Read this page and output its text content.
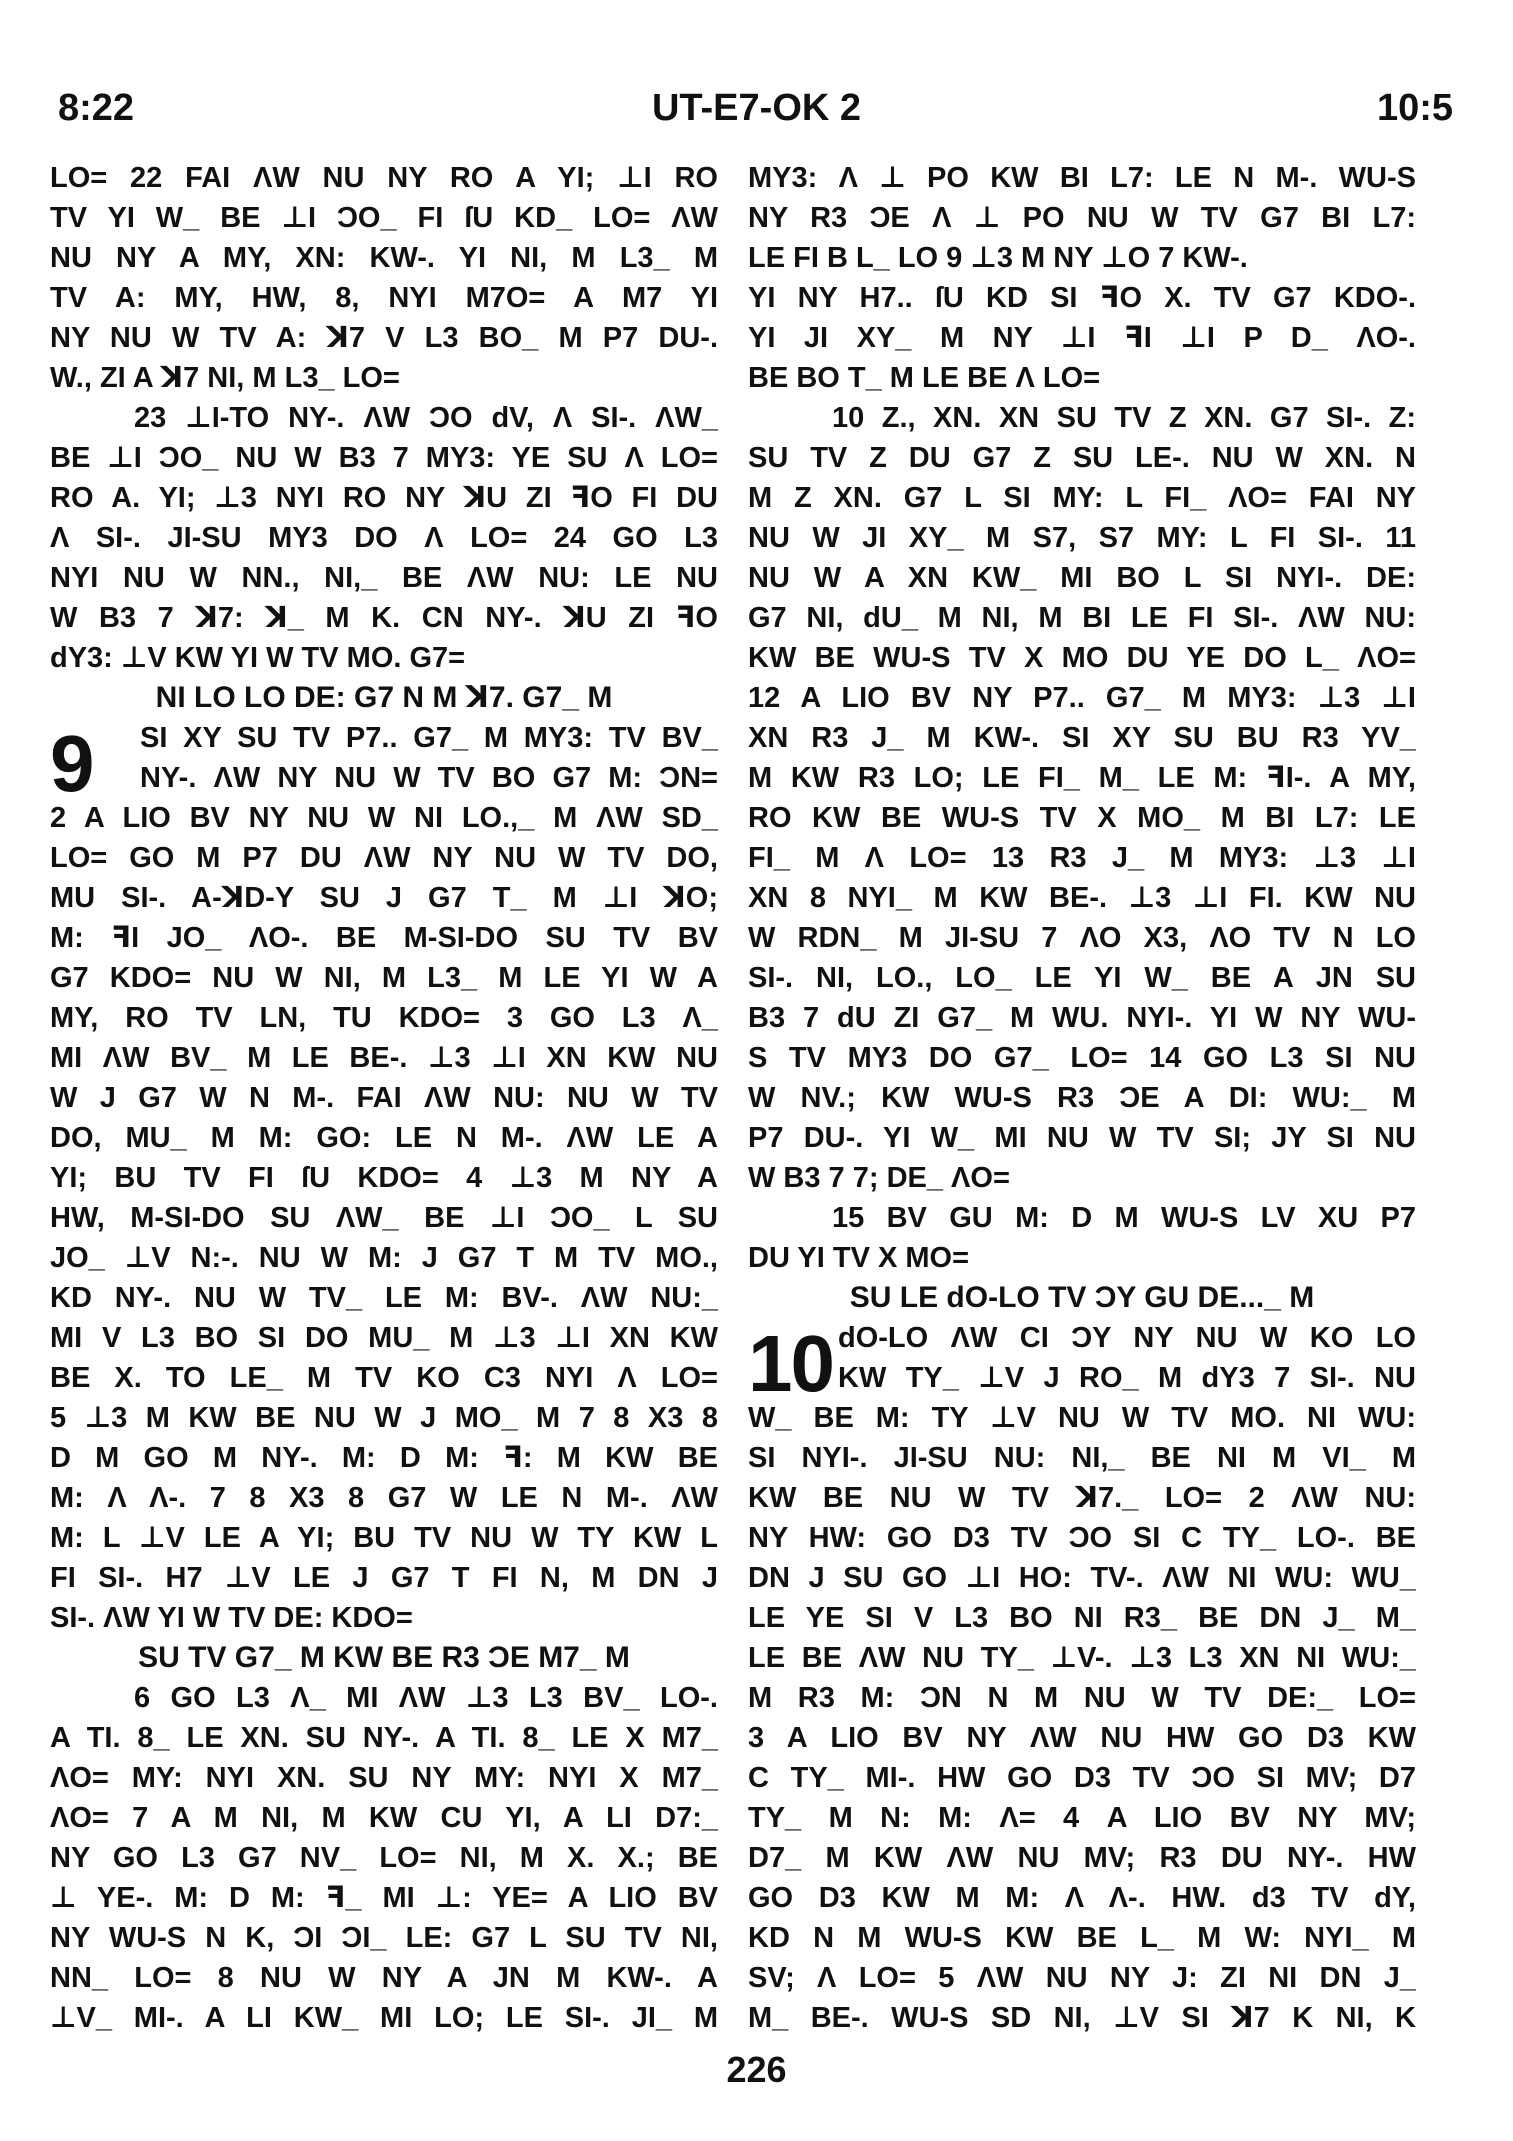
8:22	UT-E7-OK 2	10:5
LO= 22 FAI ΛW NU NY RO A YI; ⊥I RO
TV YI W_ BE ⊥I ƆO_ FI ſU KD_ LO= ΛW
NU NY A MY, XN: KW-. YI NI, M L3_ M
TV A: MY, HW, 8, NYI M7O= A M7 YI
NY NU W TV A: ꓘ7 V L3 BO_ M P7 DU-.
W., ZI A ꓘ7 NI, M L3_ LO=
23 ⊥I-TO NY-. ΛW ƆO dV, Λ SI-. ΛW_
BE ⊥I ƆO_ NU W B3 7 MY3: YE SU Λ LO=
RO A. YI; ⊥3 NYI RO NY ꓘU ZI ꟻO FI DU
Λ SI-. JI-SU MY3 DO Λ LO= 24 GO L3
NYI NU W NN., NI,_ BE ΛW NU: LE NU
W B3 7 ꓘ7: ꓘ_ M K. CN NY-. ꓘU ZI ꟻO
dY3: ⊥V KW YI W TV MO. G7=
NI LO LO DE: G7 N M ꓘ7. G7_ M
9	SI XY SU TV P7.. G7_ M MY3: TV BV_
NY-. ΛW NY NU W TV BO G7 M: ƆN=
2 A LIO BV NY NU W NI LO.,_ M ΛW SD_
LO= GO M P7 DU ΛW NY NU W TV DO,
MU SI-. A-ꓘD-Y SU J G7 T_ M ⊥I ꓘO;
M: ꟻI JO_ ΛO-. BE M-SI-DO SU TV BV
G7 KDO= NU W NI, M L3_ M LE YI W A
MY, RO TV LN, TU KDO= 3 GO L3 Λ_
MI ΛW BV_ M LE BE-. ⊥3 ⊥I XN KW NU
W J G7 W N M-. FAI ΛW NU: NU W TV
DO, MU_ M M: GO: LE N M-. ΛW LE A
YI; BU TV FI ſU KDO= 4 ⊥3 M NY A
HW, M-SI-DO SU ΛW_ BE ⊥I ƆO_ L SU
JO_ ⊥V N:-. NU W M: J G7 T M TV MO.,
KD NY-. NU W TV_ LE M: BV-. ΛW NU:_
MI V L3 BO SI DO MU_ M ⊥3 ⊥I XN KW
BE X. TO LE_ M TV KO C3 NYI Λ LO=
5 ⊥3 M KW BE NU W J MO_ M 7 8 X3 8
D M GO M NY-. M: D M: ꟻ: M KW BE
M: Λ Λ-. 7 8 X3 8 G7 W LE N M-. ΛW
M: L ⊥V LE A YI; BU TV NU W TY KW L
FI SI-. H7 ⊥V LE J G7 T FI N, M DN J
SI-. ΛW YI W TV DE: KDO=
SU TV G7_ M KW BE R3 ƆE M7_ M
6 GO L3 Λ_ MI ΛW ⊥3 L3 BV_ LO-.
A TI. 8_ LE XN. SU NY-. A TI. 8_ LE X M7_
ΛO= MY: NYI XN. SU NY MY: NYI X M7_
ΛO= 7 A M NI, M KW CU YI, A LI D7:_
NY GO L3 G7 NV_ LO= NI, M X. X.; BE
⊥ YE-. M: D M: ꟻ_ MI ⊥: YE= A LIO BV
NY WU-S N K, ƆI ƆI_ LE: G7 L SU TV NI,
NN_ LO= 8 NU W NY A JN M KW-. A
⊥V_ MI-. A LI KW_ MI LO; LE SI-. JI_ M
MY3: Λ ⊥ PO KW BI L7: LE N M-. WU-S
NY R3 ƆE Λ ⊥ PO NU W TV G7 BI L7:
LE FI B L_ LO 9 ⊥3 M NY ⊥O 7 KW-.
YI NY H7.. ſU KD SI ꟻO X. TV G7 KDO-.
YI JI XY_ M NY ⊥I ꟻI ⊥I P D_ ΛO-.
BE BO T_ M LE BE Λ LO=
10 Z., XN. XN SU TV Z XN. G7 SI-. Z:
SU TV Z DU G7 Z SU LE-. NU W XN. N
M Z XN. G7 L SI MY: L FI_ ΛO= FAI NY
NU W JI XY_ M S7, S7 MY: L FI SI-. 11
NU W A XN KW_ MI BO L SI NYI-. DE:
G7 NI, dU_ M NI, M BI LE FI SI-. ΛW NU:
KW BE WU-S TV X MO DU YE DO L_ ΛO=
12 A LIO BV NY P7.. G7_ M MY3: ⊥3 ⊥I
XN R3 J_ M KW-. SI XY SU BU R3 YV_
M KW R3 LO; LE FI_ M_ LE M: ꟻI-. A MY,
RO KW BE WU-S TV X MO_ M BI L7: LE
FI_ M Λ LO= 13 R3 J_ M MY3: ⊥3 ⊥I
XN 8 NYI_ M KW BE-. ⊥3 ⊥I FI. KW NU
W RDN_ M JI-SU 7 ΛO X3, ΛO TV N LO
SI-. NI, LO., LO_ LE YI W_ BE A JN SU
B3 7 dU ZI G7_ M WU. NYI-. YI W NY WU-
S TV MY3 DO G7_ LO= 14 GO L3 SI NU
W NV.; KW WU-S R3 ƆE A DI: WU:_ M
P7 DU-. YI W_ MI NU W TV SI; JY SI NU
W B3 7 7; DE_ ΛO=
15 BV GU M: D M WU-S LV XU P7
DU YI TV X MO=
SU LE dO-LO TV ƆY GU DE..._ M
10 dO-LO ΛW CI ƆY NY NU W KO LO
KW TY_ ⊥V J RO_ M dY3 7 SI-. NU
W_ BE M: TY ⊥V NU W TV MO. NI WU:
SI NYI-. JI-SU NU: NI,_ BE NI M VI_ M
KW BE NU W TV ꓘ7._ LO= 2 ΛW NU:
NY HW: GO D3 TV ƆO SI C TY_ LO-. BE
DN J SU GO ⊥I HO: TV-. ΛW NI WU: WU_
LE YE SI V L3 BO NI R3_ BE DN J_ M_
LE BE ΛW NU TY_ ⊥V-. ⊥3 L3 XN NI WU:_
M R3 M: ƆN N M NU W TV DE:_ LO=
3 A LIO BV NY ΛW NU HW GO D3 KW
C TY_ MI-. HW GO D3 TV ƆO SI MV; D7
TY_ M N: M: Λ= 4 A LIO BV NY MV;
D7_ M KW ΛW NU MV; R3 DU NY-. HW
GO D3 KW M M: Λ Λ-. HW. d3 TV dY,
KD N M WU-S KW BE L_ M W: NYI_ M
SV; Λ LO= 5 ΛW NU NY J: ZI NI DN J_
M_ BE-. WU-S SD NI, ⊥V SI ꓘ7 K NI, K
226
